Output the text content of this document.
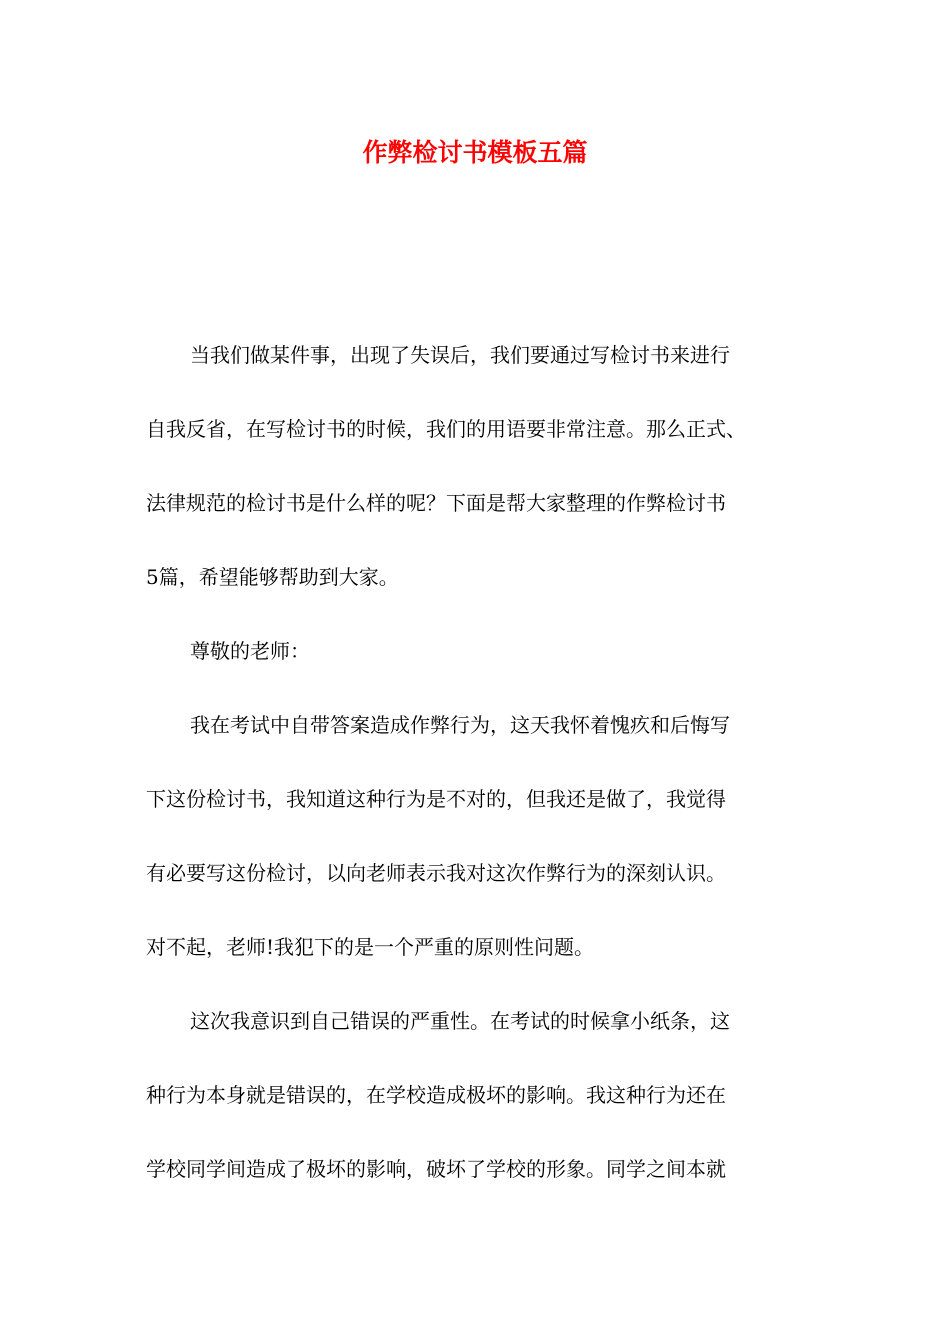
作弊检讨书模板五篇

当我们做某件事，出现了失误后，我们要通过写检讨书来进行
自我反省，在写检讨书的时候，我们的用语要非常注意。那么正式、
法律规范的检讨书是什么样的呢？下面是帮大家整理的作弊检讨书
5篇，希望能够帮助到大家。

尊敬的老师：

我在考试中自带答案造成作弊行为，这天我怀着愧疚和后悔写
下这份检讨书，我知道这种行为是不对的，但我还是做了，我觉得
有必要写这份检讨，以向老师表示我对这次作弊行为的深刻认识。
对不起，老师!我犯下的是一个严重的原则性问题。

这次我意识到自己错误的严重性。在考试的时候拿小纸条，这
种行为本身就是错误的，在学校造成极坏的影响。我这种行为还在
学校同学间造成了极坏的影响，破坏了学校的形象。同学之间本就
